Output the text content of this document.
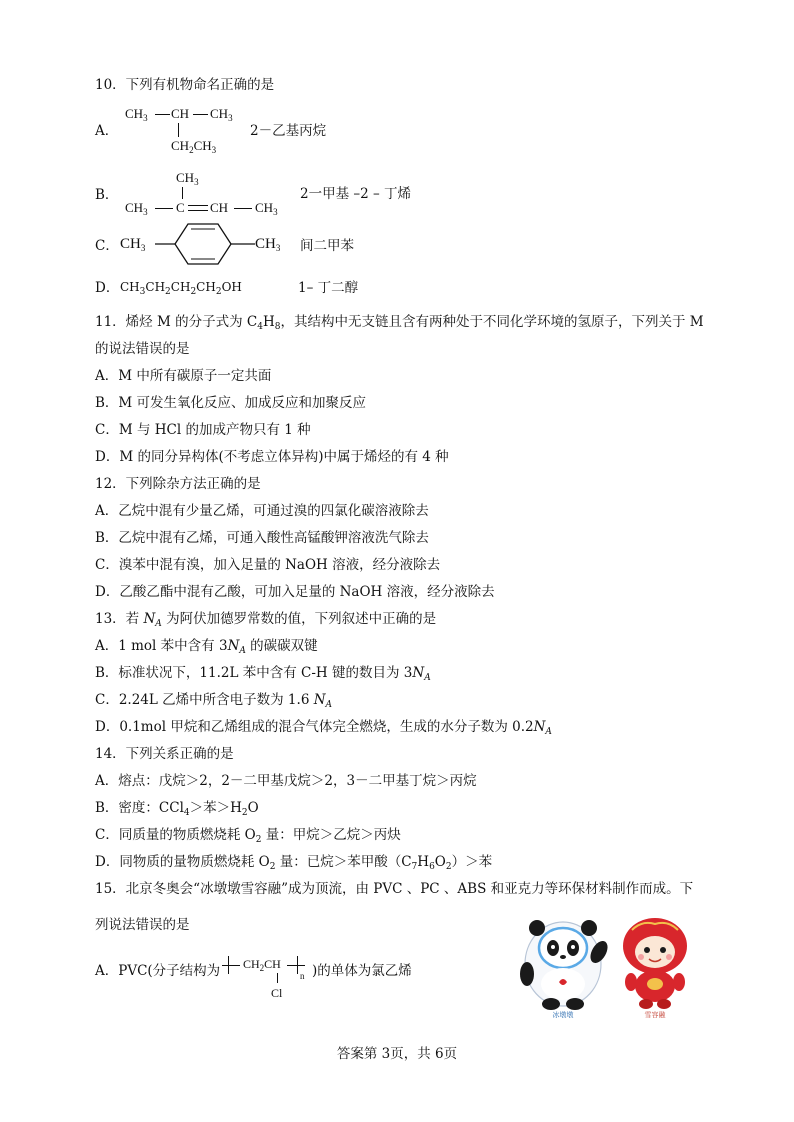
10．下列有机物命名正确的是
A．
$CH_3$ CH $CH_3$
$CH_2CH_3$
2－乙基丙烷
B．
$CH_3$
$CH_3$ C CH $CH_3$
2一甲基 –2 – 丁烯
C． $CH_3$	$CH_3$ 间二甲苯
D． $CH_3CH_2CH_2CH_2OH$	1– 丁二醇
11．烯烃 M 的分子式为 $C_4H_8$，其结构中无支链且含有两种处于不同化学环境的氢原子，下列关于 M
的说法错误的是
A．M 中所有碳原子一定共面
B．M 可发生氧化反应、加成反应和加聚反应
C．M 与 HCl 的加成产物只有 1 种
D．M 的同分异构体(不考虑立体异构)中属于烯烃的有 4 种
12．下列除杂方法正确的是
A．乙烷中混有少量乙烯，可通过溴的四氯化碳溶液除去
B．乙烷中混有乙烯，可通入酸性高锰酸钾溶液洗气除去
C．溴苯中混有溴，加入足量的 NaOH 溶液，经分液除去
D．乙酸乙酯中混有乙酸，可加入足量的 NaOH 溶液，经分液除去
13．若 $N_A$ 为阿伏加德罗常数的值，下列叙述中正确的是
A．1 mol 苯中含有 $3N_A$ 的碳碳双键
B．标准状况下，11.2L 苯中含有 C-H 键的数目为 $3N_A$
C．2.24L 乙烯中所含电子数为 1.6 $N_A$
D．0.1mol 甲烷和乙烯组成的混合气体完全燃烧，生成的水分子数为 $0.2N_A$
14．下列关系正确的是
A．熔点：戊烷＞2，2－二甲基戊烷＞2，3－二甲基丁烷＞丙烷
B．密度：CCl$_4$＞苯$>H_2O$
C．同质量的物质燃烧耗 $O_2$ 量：甲烷＞乙烷＞丙炔
D．同物质的量物质燃烧耗 $O_2$ 量：已烷＞苯甲酸$(C_7H_6O_2)>$苯
15．北京冬奥会“冰墩墩雪容融”成为顶流，由 PVC 、PC 、ABS 和亚克力等环保材料制作而成。下
列说法错误的是
A．PVC(分子结构为 $CH_2CH$
n
Cl
)的单体为氯乙烯
冰墩墩	雪容融
答案第 3页，共 6页
